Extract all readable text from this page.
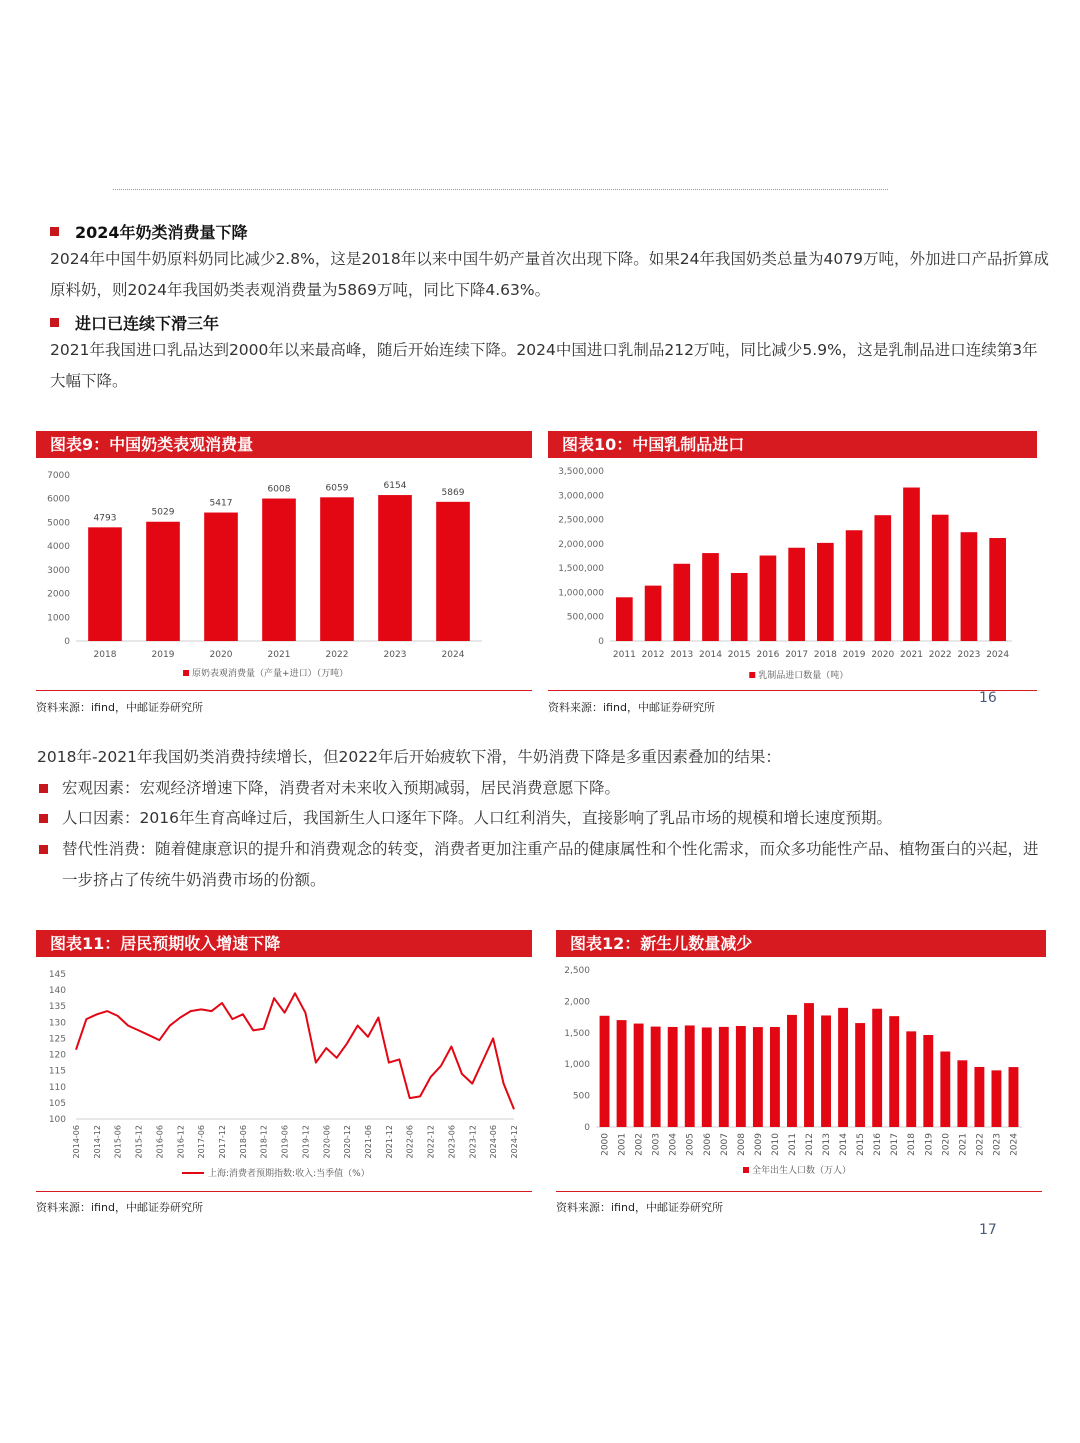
2024年奶类消费量下降
2024年中国牛奶原料奶同比减少2.8%，这是2018年以来中国牛奶产量首次出现下降。如果24年我国奶类总量为4079万吨，外加进口产品折算成原料奶，则2024年我国奶类表观消费量为5869万吨，同比下降4.63%。
进口已连续下滑三年
2021年我国进口乳品达到2000年以来最高峰，随后开始连续下降。2024中国进口乳制品212万吨，同比减少5.9%，这是乳制品进口连续第3年大幅下降。
图表9：中国奶类表观消费量
0
1000
2000
3000
4000
5000
6000
7000
4793
2018
5029
2019
5417
2020
6008
2021
6059
2022
6154
2023
5869
2024
原奶表观消费量（产量+进口）（万吨）
资料来源：ifind，中邮证券研究所
图表10：中国乳制品进口
0
500,000
1,000,000
1,500,000
2,000,000
2,500,000
3,000,000
3,500,000
2011 2012 2013 2014 2015 2016 2017 2018 2019 2020 2021 2022 2023 2024
乳制品进口数量（吨）
资料来源：ifind，中邮证券研究所
16
2018年-2021年我国奶类消费持续增长，但2022年后开始疲软下滑，牛奶消费下降是多重因素叠加的结果：
宏观因素：宏观经济增速下降，消费者对未来收入预期减弱，居民消费意愿下降。
人口因素：2016年生育高峰过后，我国新生人口逐年下降。人口红利消失，直接影响了乳品市场的规模和增长速度预期。
替代性消费：随着健康意识的提升和消费观念的转变，消费者更加注重产品的健康属性和个性化需求，而众多功能性产品、植物蛋白的兴起，进一步挤占了传统牛奶消费市场的份额。
图表11：居民预期收入增速下降
100
105
110
115
120
125
130
135
140
145
2014-06 2014-12 2015-06 2015-12 2016-06 2016-12 2017-06 2017-12 2018-06 2018-12 2019-06 2019-12 2020-06 2020-12 2021-06 2021-12 2022-06 2022-12 2023-06 2023-12 2024-06 2024-12
上海:消费者预期指数:收入:当季值（%）
资料来源：ifind，中邮证券研究所
图表12：新生儿数量减少
0
500
1,000
1,500
2,000
2,500
2000 2001 2002 2003 2004 2005 2006 2007 2008 2009 2010 2011 2012 2013 2014 2015 2016 2017 2018 2019 2020 2021 2022 2023 2024
全年出生人口数（万人）
资料来源：ifind，中邮证券研究所
17
